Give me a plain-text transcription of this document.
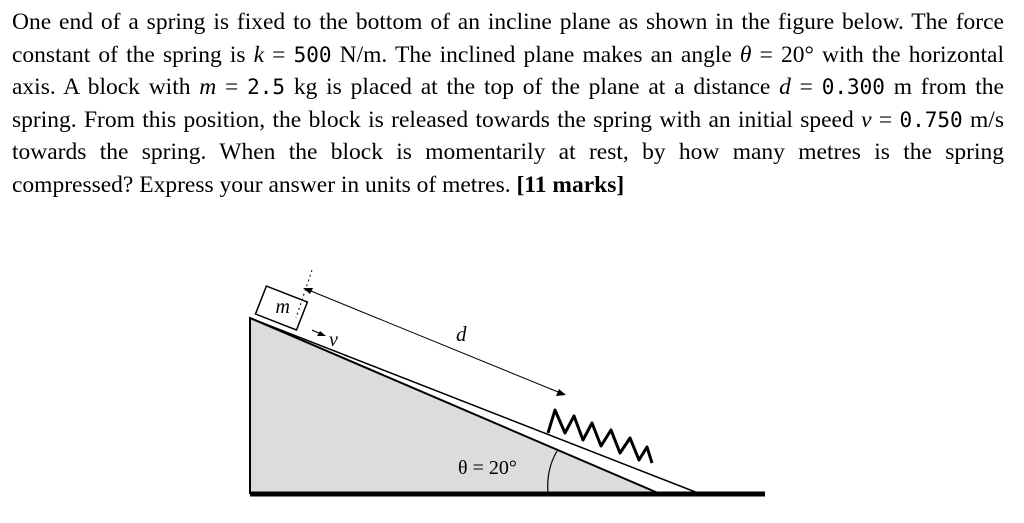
One end of a spring is fixed to the bottom of an incline plane as shown in the figure below. The force constant of the spring is k = 500 N/m. The inclined plane makes an angle θ = 20° with the horizontal axis. A block with m = 2.5 kg is placed at the top of the plane at a distance d = 0.300 m from the spring. From this position, the block is released towards the spring with an initial speed v = 0.750 m/s towards the spring. When the block is momentarily at rest, by how many metres is the spring compressed? Express your answer in units of metres. [11 marks]

m
v	d
θ = 20°
